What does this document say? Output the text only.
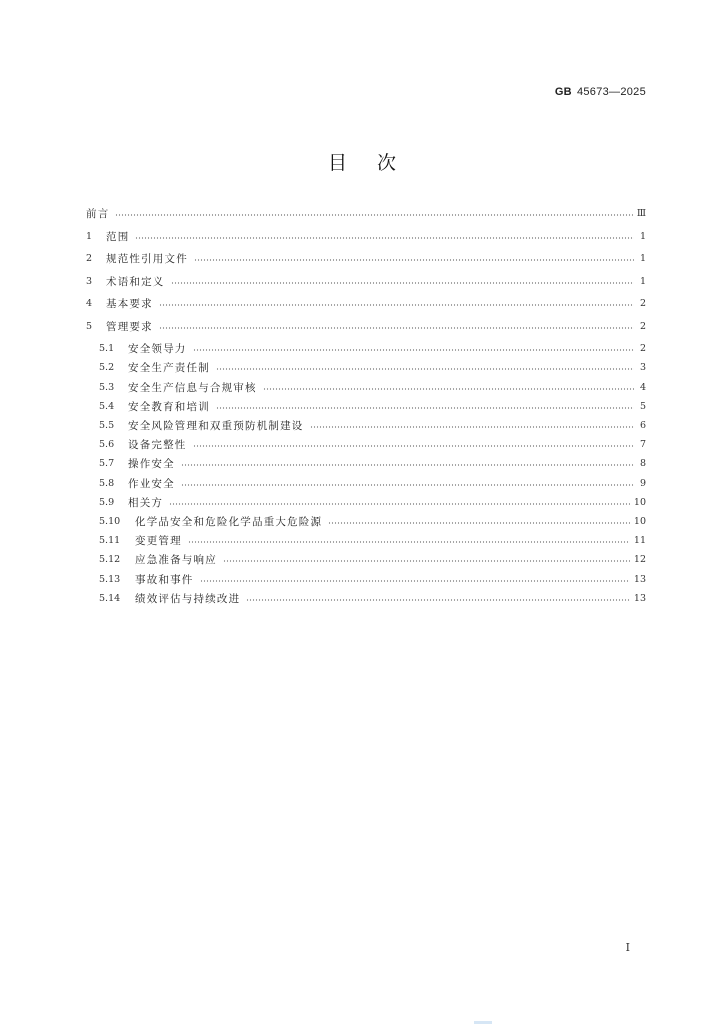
GB 45673—2025
目次
前言	Ⅲ
1	范围	1
2	规范性引用文件	1
3	术语和定义	1
4	基本要求	2
5	管理要求	2
5.1	安全领导力	2
5.2	安全生产责任制	3
5.3	安全生产信息与合规审核	4
5.4	安全教育和培训	5
5.5	安全风险管理和双重预防机制建设	6
5.6	设备完整性	7
5.7	操作安全	8
5.8	作业安全	9
5.9	相关方	10
5.10	化学品安全和危险化学品重大危险源	10
5.11	变更管理	11
5.12	应急准备与响应	12
5.13	事故和事件	13
5.14	绩效评估与持续改进	13
I
